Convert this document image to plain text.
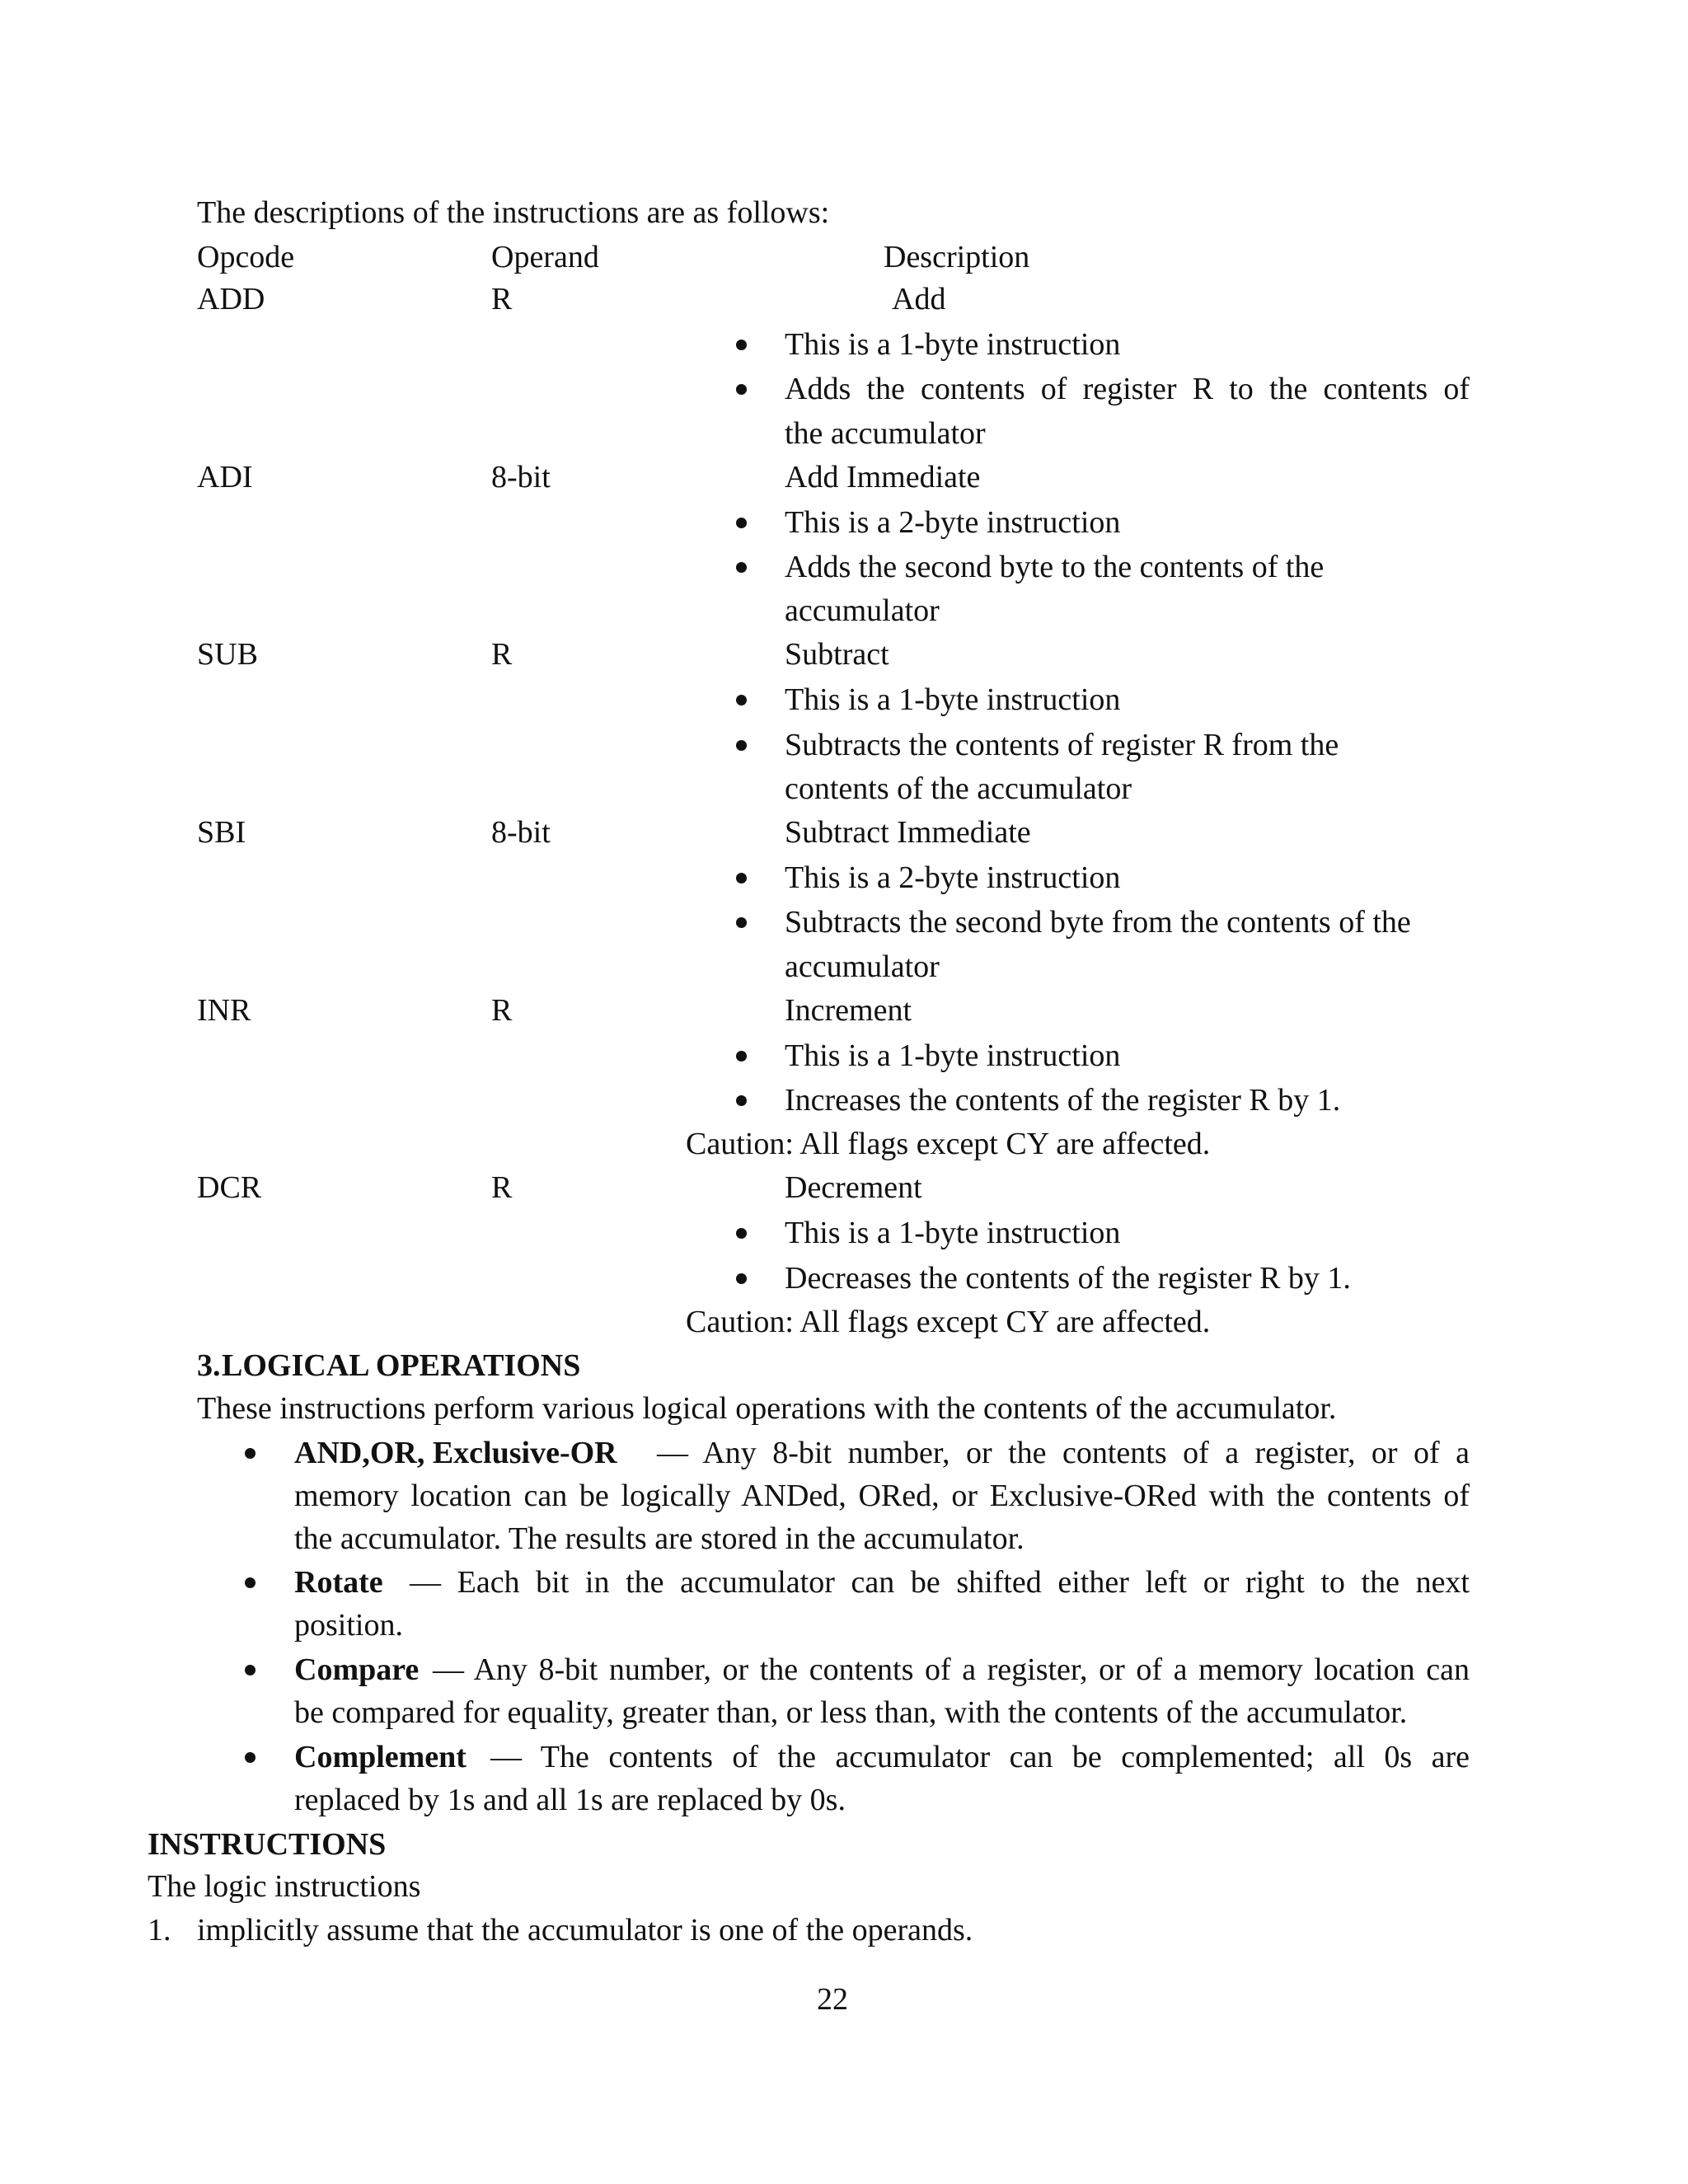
The descriptions of the instructions are as follows:
Opcode	Operand	Description
ADD	R	Add
This is a 1-byte instruction
Adds the contents of register R to the contents of
the accumulator
ADI	8-bit	Add Immediate
This is a 2-byte instruction
Adds the second byte to the contents of the
accumulator
SUB	R	Subtract
This is a 1-byte instruction
Subtracts the contents of register R from the
contents of the accumulator
SBI	8-bit	Subtract Immediate
This is a 2-byte instruction
Subtracts the second byte from the contents of the
accumulator
INR	R	Increment
This is a 1-byte instruction
Increases the contents of the register R by 1.
Caution: All flags except CY are affected.
DCR	R	Decrement
This is a 1-byte instruction
Decreases the contents of the register R by 1.
Caution: All flags except CY are affected.
3. LOGICAL OPERATIONS
These instructions perform various logical operations with the contents of the accumulator.
AND,OR, Exclusive-OR — Any 8-bit number, or the contents of a register, or of a
memory location can be logically ANDed, ORed, or Exclusive-ORed with the contents of
the accumulator. The results are stored in the accumulator.
Rotate — Each bit in the accumulator can be shifted either left or right to the next
position.
Compare — Any 8-bit number, or the contents of a register, or of a memory location can
be compared for equality, greater than, or less than, with the contents of the accumulator.
Complement — The contents of the accumulator can be complemented; all 0s are
replaced by 1s and all 1s are replaced by 0s.
INSTRUCTIONS
The logic instructions
1. implicitly assume that the accumulator is one of the operands.
22
